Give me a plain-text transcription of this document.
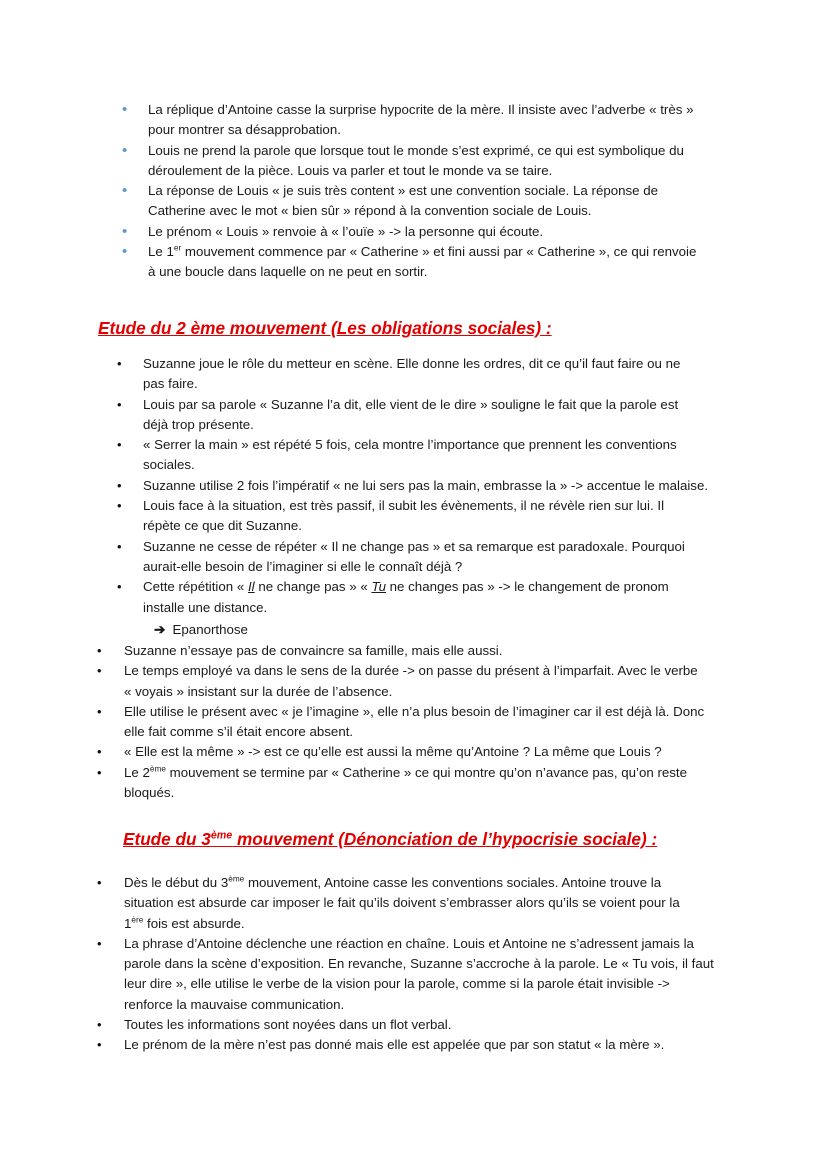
• La réplique d’Antoine casse la surprise hypocrite de la mère. Il insiste avec l’adverbe « très »
pour montrer sa désapprobation.
• Louis ne prend la parole que lorsque tout le monde s’est exprimé, ce qui est symbolique du
déroulement de la pièce. Louis va parler et tout le monde va se taire.
• La réponse de Louis « je suis très content » est une convention sociale. La réponse de
Catherine avec le mot « bien sûr » répond à la convention sociale de Louis.
• Le prénom « Louis » renvoie à « l’ouïe » -> la personne qui écoute.
• Le 1er mouvement commence par « Catherine » et fini aussi par « Catherine », ce qui renvoie
à une boucle dans laquelle on ne peut en sortir.
Etude du 2 ème mouvement (Les obligations sociales) :
• Suzanne joue le rôle du metteur en scène. Elle donne les ordres, dit ce qu’il faut faire ou ne
pas faire.
• Louis par sa parole « Suzanne l’a dit, elle vient de le dire » souligne le fait que la parole est
déjà trop présente.
• « Serrer la main » est répété 5 fois, cela montre l’importance que prennent les conventions
sociales.
• Suzanne utilise 2 fois l’impératif « ne lui sers pas la main, embrasse la » -> accentue le malaise.
• Louis face à la situation, est très passif, il subit les évènements, il ne révèle rien sur lui. Il
répète ce que dit Suzanne.
• Suzanne ne cesse de répéter « Il ne change pas » et sa remarque est paradoxale. Pourquoi
aurait-elle besoin de l’imaginer si elle le connaît déjà ?
• Cette répétition « Il ne change pas » « Tu ne changes pas » -> le changement de pronom
installe une distance.
➔ Epanorthose
• Suzanne n’essaye pas de convaincre sa famille, mais elle aussi.
• Le temps employé va dans le sens de la durée -> on passe du présent à l’imparfait. Avec le verbe
« voyais » insistant sur la durée de l’absence.
• Elle utilise le présent avec « je l’imagine », elle n’a plus besoin de l’imaginer car il est déjà là. Donc
elle fait comme s’il était encore absent.
• « Elle est la même » -> est ce qu’elle est aussi la même qu’Antoine ? La même que Louis ?
• Le 2ème mouvement se termine par « Catherine » ce qui montre qu’on n’avance pas, qu’on reste
bloqués.
Etude du 3ème mouvement (Dénonciation de l’hypocrisie sociale) :
• Dès le début du 3ème mouvement, Antoine casse les conventions sociales. Antoine trouve la
situation est absurde car imposer le fait qu’ils doivent s’embrasser alors qu’ils se voient pour la
1ère fois est absurde.
• La phrase d’Antoine déclenche une réaction en chaîne. Louis et Antoine ne s’adressent jamais la
parole dans la scène d’exposition. En revanche, Suzanne s’accroche à la parole. Le « Tu vois, il faut
leur dire », elle utilise le verbe de la vision pour la parole, comme si la parole était invisible ->
renforce la mauvaise communication.
• Toutes les informations sont noyées dans un flot verbal.
• Le prénom de la mère n’est pas donné mais elle est appelée que par son statut « la mère ».
